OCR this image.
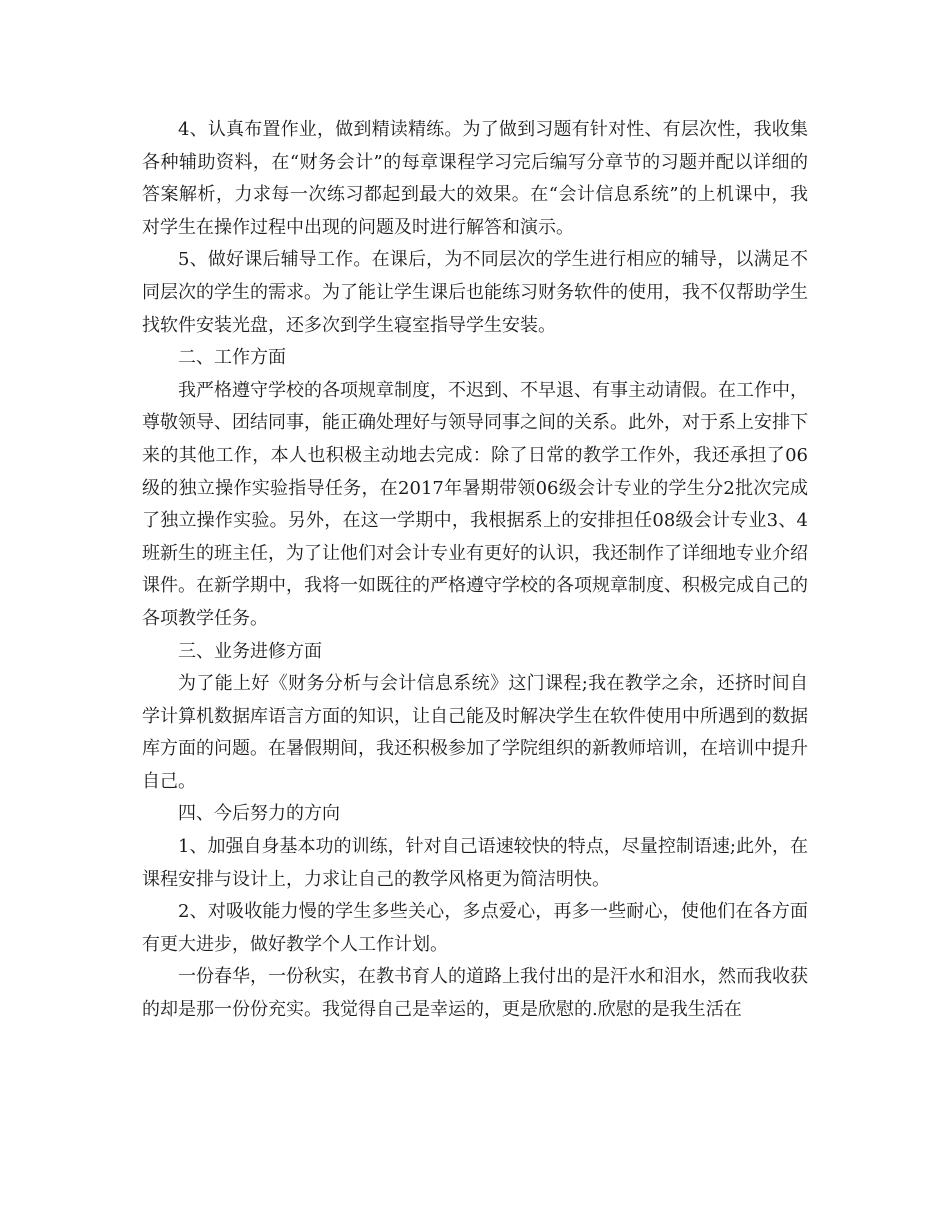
4、认真布置作业，做到精读精练。为了做到习题有针对性、有层次性，我收集各种辅助资料，在“财务会计”的每章课程学习完后编写分章节的习题并配以详细的答案解析，力求每一次练习都起到最大的效果。在“会计信息系统”的上机课中，我对学生在操作过程中出现的问题及时进行解答和演示。

5、做好课后辅导工作。在课后，为不同层次的学生进行相应的辅导，以满足不同层次的学生的需求。为了能让学生课后也能练习财务软件的使用，我不仅帮助学生找软件安装光盘，还多次到学生寝室指导学生安装。

二、工作方面

我严格遵守学校的各项规章制度，不迟到、不早退、有事主动请假。在工作中，尊敬领导、团结同事，能正确处理好与领导同事之间的关系。此外，对于系上安排下来的其他工作，本人也积极主动地去完成：除了日常的教学工作外，我还承担了06级的独立操作实验指导任务，在2017年暑期带领06级会计专业的学生分2批次完成了独立操作实验。另外，在这一学期中，我根据系上的安排担任08级会计专业3、4班新生的班主任，为了让他们对会计专业有更好的认识，我还制作了详细地专业介绍课件。在新学期中，我将一如既往的严格遵守学校的各项规章制度、积极完成自己的各项教学任务。

三、业务进修方面

为了能上好《财务分析与会计信息系统》这门课程;我在教学之余，还挤时间自学计算机数据库语言方面的知识，让自己能及时解决学生在软件使用中所遇到的数据库方面的问题。在暑假期间，我还积极参加了学院组织的新教师培训，在培训中提升自己。

四、今后努力的方向

1、加强自身基本功的训练，针对自己语速较快的特点，尽量控制语速;此外，在课程安排与设计上，力求让自己的教学风格更为简洁明快。

2、对吸收能力慢的学生多些关心，多点爱心，再多一些耐心，使他们在各方面有更大进步，做好教学个人工作计划。

一份春华，一份秋实，在教书育人的道路上我付出的是汗水和泪水，然而我收获的却是那一份份充实。我觉得自己是幸运的，更是欣慰的.欣慰的是我生活在
